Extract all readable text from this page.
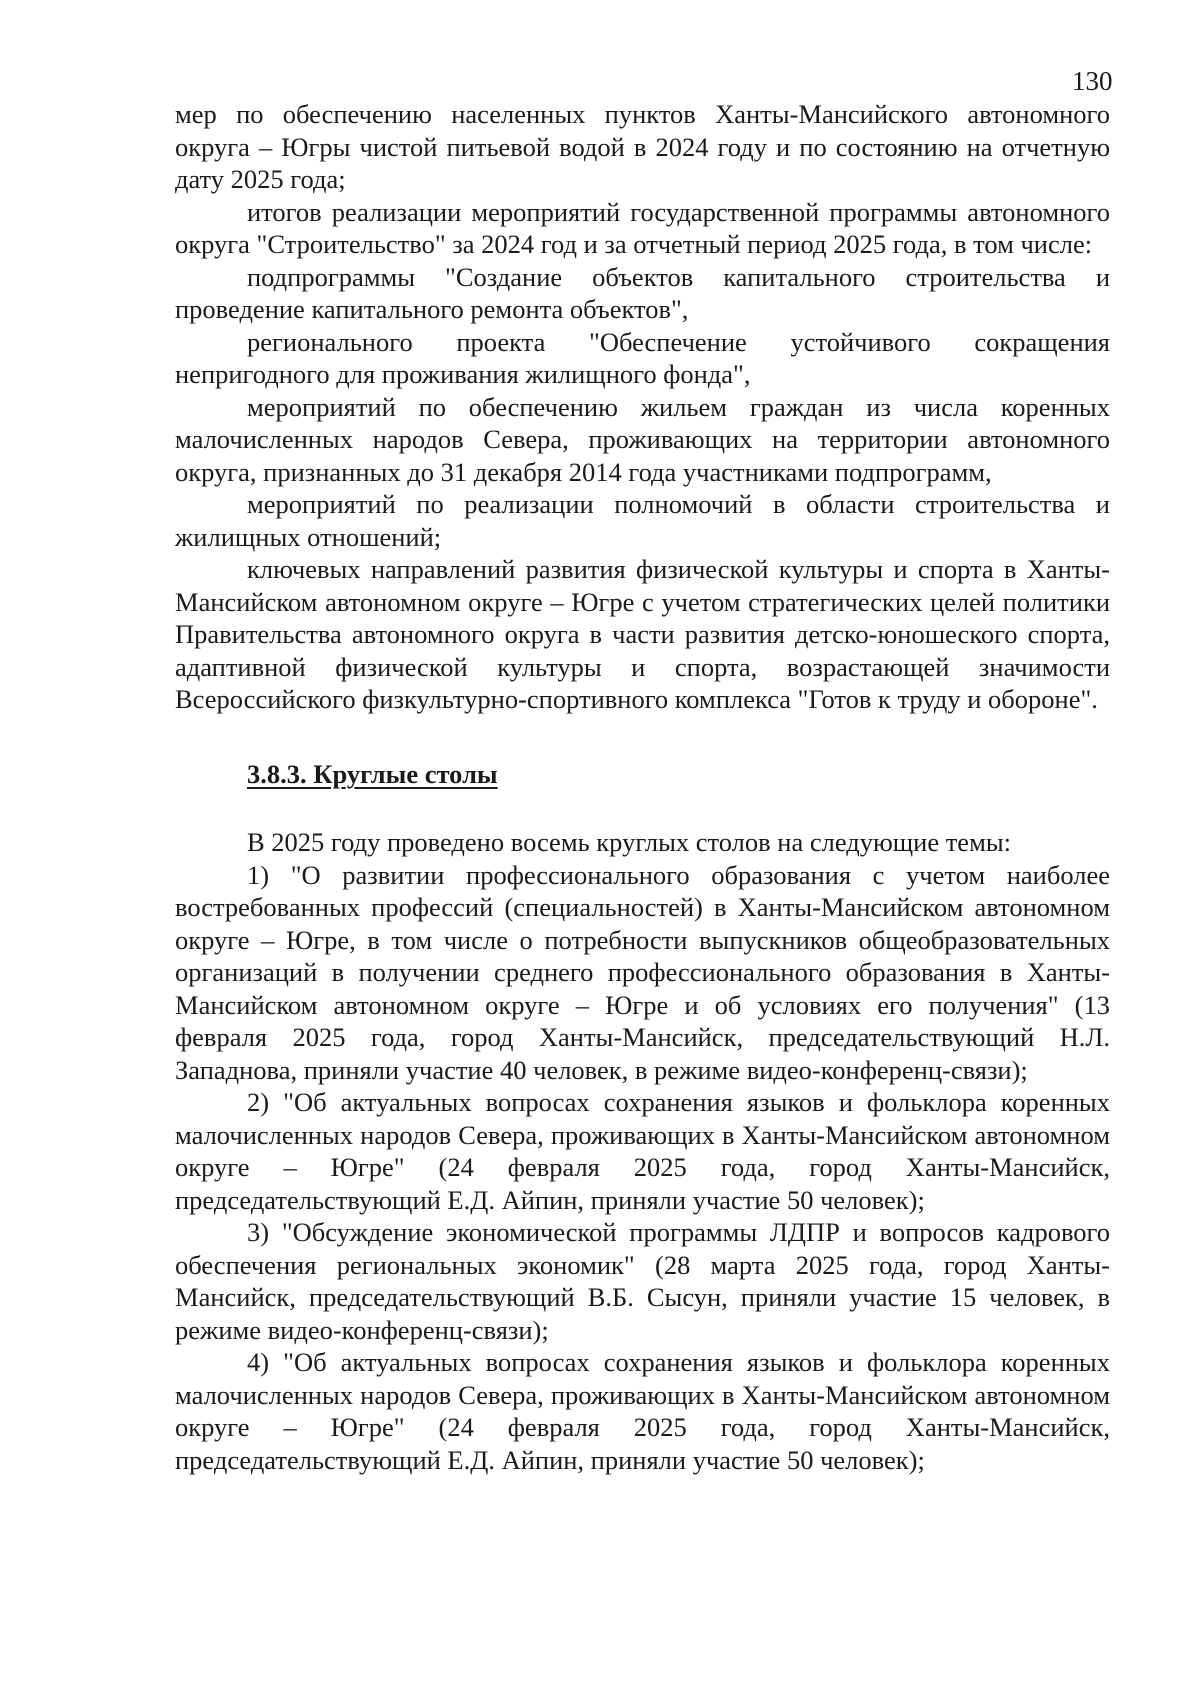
130

мер по обеспечению населенных пунктов Ханты-Мансийского автономного округа – Югры чистой питьевой водой в 2024 году и по состоянию на отчетную дату 2025 года;

итогов реализации мероприятий государственной программы автономного округа "Строительство" за 2024 год и за отчетный период 2025 года, в том числе:

подпрограммы "Создание объектов капитального строительства и проведение капитального ремонта объектов",

регионального проекта "Обеспечение устойчивого сокращения непригодного для проживания жилищного фонда",

мероприятий по обеспечению жильем граждан из числа коренных малочисленных народов Севера, проживающих на территории автономного округа, признанных до 31 декабря 2014 года участниками подпрограмм,

мероприятий по реализации полномочий в области строительства и жилищных отношений;

ключевых направлений развития физической культуры и спорта в Ханты-Мансийском автономном округе – Югре с учетом стратегических целей политики Правительства автономного округа в части развития детско-юношеского спорта, адаптивной физической культуры и спорта, возрастающей значимости Всероссийского физкультурно-спортивного комплекса "Готов к труду и обороне".

3.8.3. Круглые столы

В 2025 году проведено восемь круглых столов на следующие темы:

1) "О развитии профессионального образования с учетом наиболее востребованных профессий (специальностей) в Ханты-Мансийском автономном округе – Югре, в том числе о потребности выпускников общеобразовательных организаций в получении среднего профессионального образования в Ханты-Мансийском автономном округе – Югре и об условиях его получения" (13 февраля 2025 года, город Ханты-Мансийск, председательствующий Н.Л. Западнова, приняли участие 40 человек, в режиме видео-конференц-связи);

2) "Об актуальных вопросах сохранения языков и фольклора коренных малочисленных народов Севера, проживающих в Ханты-Мансийском автономном округе – Югре" (24 февраля 2025 года, город Ханты-Мансийск, председательствующий Е.Д. Айпин, приняли участие 50 человек);

3) "Обсуждение экономической программы ЛДПР и вопросов кадрового обеспечения региональных экономик" (28 марта 2025 года, город Ханты-Мансийск, председательствующий В.Б. Сысун, приняли участие 15 человек, в режиме видео-конференц-связи);

4) "Об актуальных вопросах сохранения языков и фольклора коренных малочисленных народов Севера, проживающих в Ханты-Мансийском автономном округе – Югре" (24 февраля 2025 года, город Ханты-Мансийск, председательствующий Е.Д. Айпин, приняли участие 50 человек);
